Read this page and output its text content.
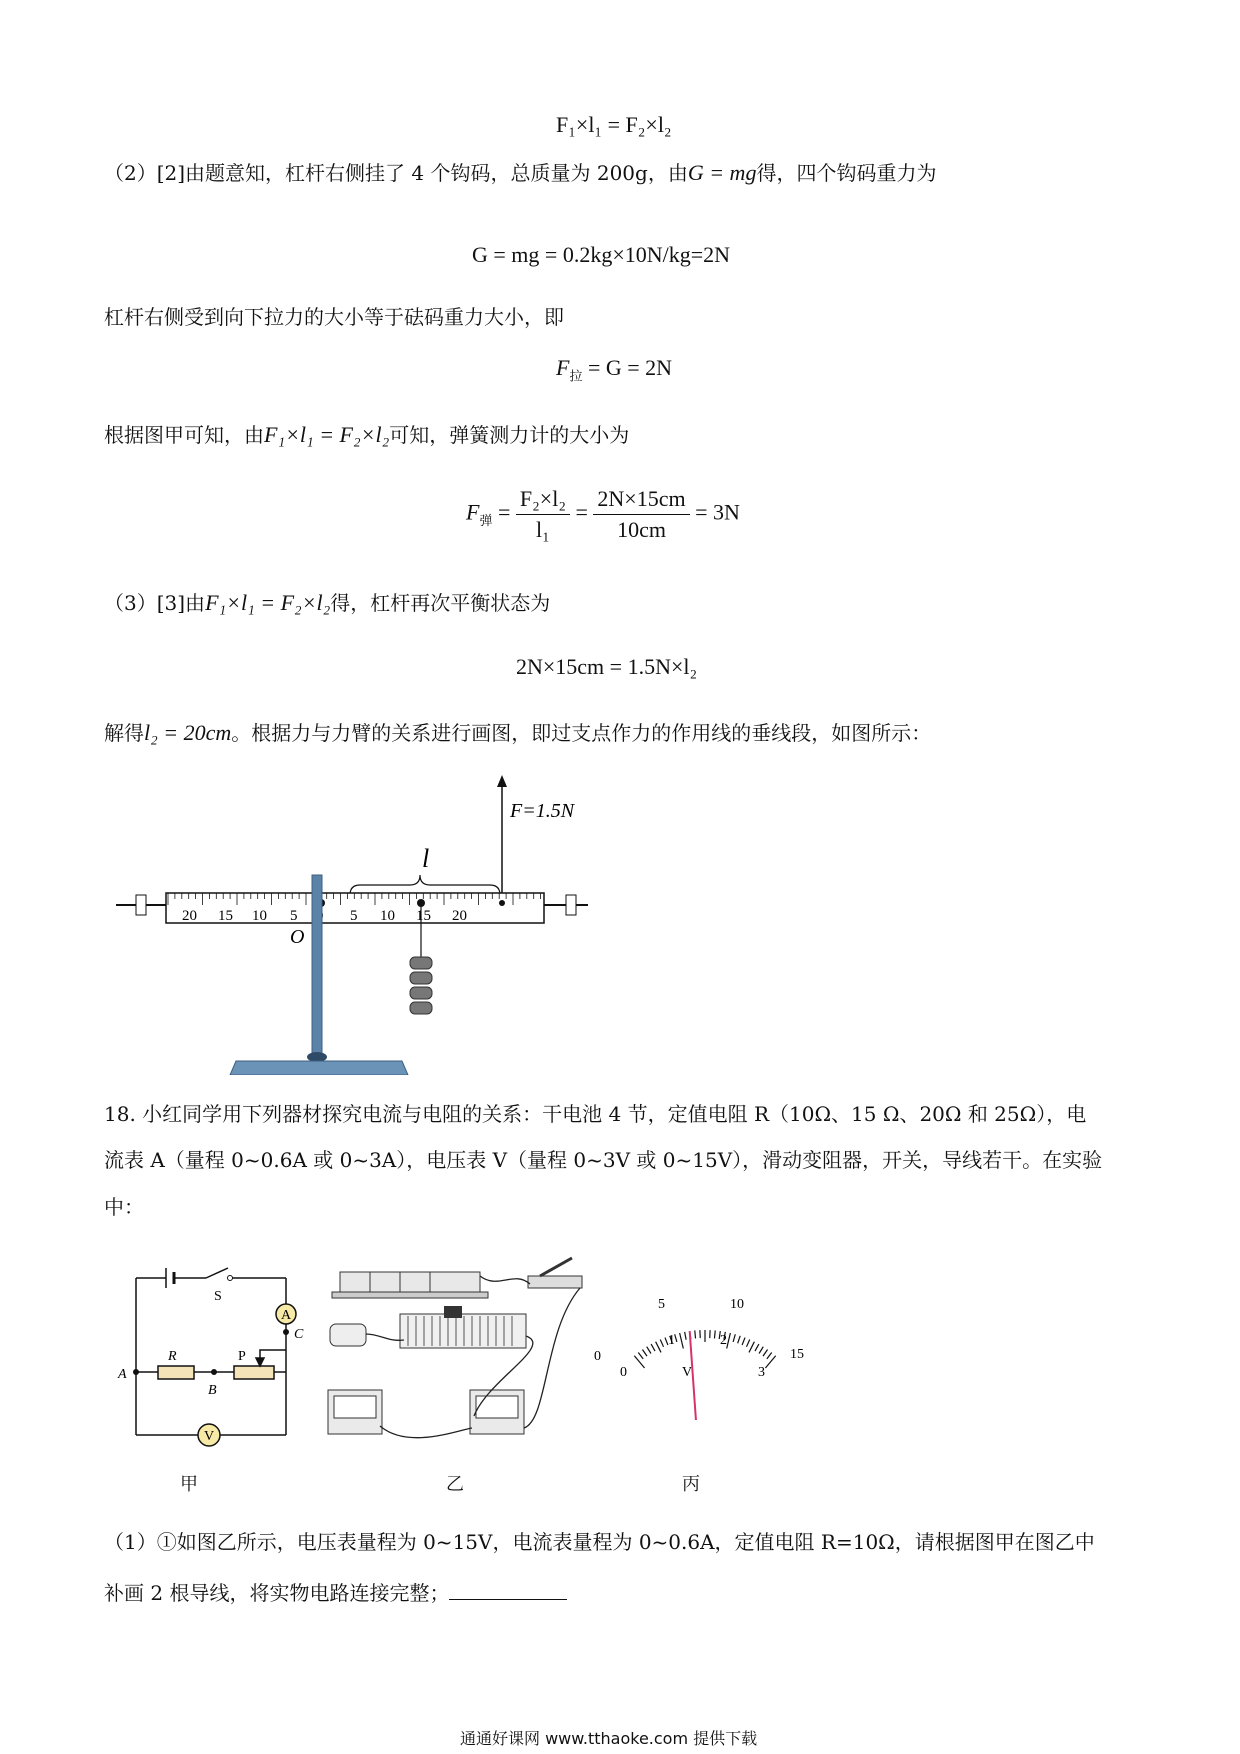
F₁×l₁ = F₂×l₂
（2）[2]由题意知，杠杆右侧挂了 4 个钩码，总质量为 200g，由G = mg得，四个钩码重力为
G = mg = 0.2kg×10N/kg=2N
杠杆右侧受到向下拉力的大小等于砝码重力大小，即
$F_拉 = G = 2N$
根据图甲可知，由F₁×l₁ = F₂×l₂可知，弹簧测力计的大小为
$F_弹 = \frac{\text{F₂×l₂}}{\text{l₁}} = \frac{2N\times 15cm}{10cm} = 3N$
（3）[3]由F₁×l₁ = F₂×l₂得，杠杆再次平衡状态为
2N×15cm = 1.5N×l₂
解得l₂ = 20cm。根据力与力臂的关系进行画图，即过支点作力的作用线的垂线段，如图所示：
F=1.5N
l
20 15 10 5	5 10 15 20
O
18. 小红同学用下列器材探究电流与电阻的关系：干电池 4 节，定值电阻 R（10Ω、15 Ω、20Ω 和 25Ω），电
流表 A（量程 0~0.6A 或 0~3A），电压表 V（量程 0~3V 或 0~15V），滑动变阻器，开关，导线若干。在实验
中：
A
V
S
A
B
C
R	P
甲	乙
0
5	10
15
0
1	2
3
V
丙
（1）①如图乙所示，电压表量程为 0~15V，电流表量程为 0~0.6A，定值电阻 R=10Ω，请根据图甲在图乙中
补画 2 根导线，将实物电路连接完整；
通通好课网 www.tthaoke.com 提供下载
